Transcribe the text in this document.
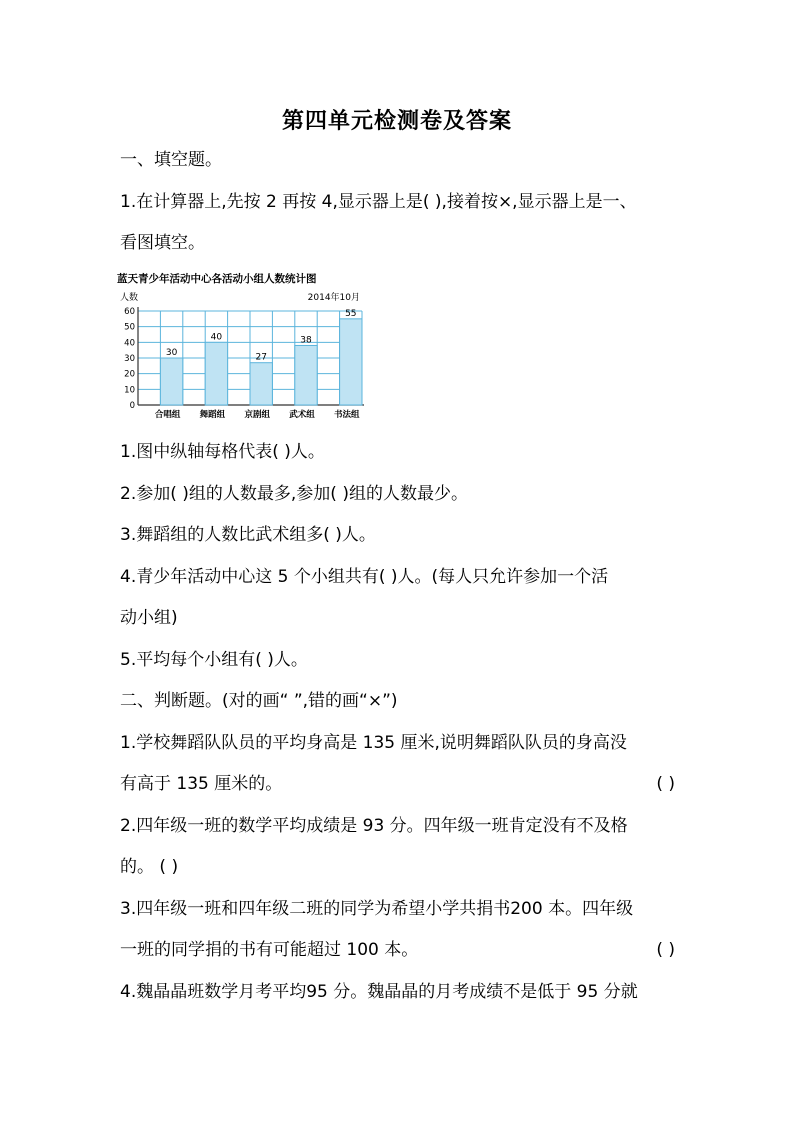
第四单元检测卷及答案
一、填空题。
1.在计算器上,先按 2 再按 4,显示器上是( ),接着按×,显示器上是一、
看图填空。
蓝天青少年活动中心各活动小组人数统计图
人数	2014年10月
0
10
20
30
40
50
60
30
合唱组
40
舞蹈组
27
京剧组
38
武术组
55
书法组
1.图中纵轴每格代表( )人。
2.参加( )组的人数最多,参加( )组的人数最少。
3.舞蹈组的人数比武术组多( )人。
4.青少年活动中心这 5 个小组共有( )人。(每人只允许参加一个活
动小组)
5.平均每个小组有( )人。
二、判断题。(对的画“ ”,错的画“×”)
1.学校舞蹈队队员的平均身高是 135 厘米,说明舞蹈队队员的身高没
有高于 135 厘米的。	( )
2.四年级一班的数学平均成绩是 93 分。四年级一班肯定没有不及格
的。 ( )
3.四年级一班和四年级二班的同学为希望小学共捐书200 本。四年级
一班的同学捐的书有可能超过 100 本。	( )
4.魏晶晶班数学月考平均95 分。魏晶晶的月考成绩不是低于 95 分就
